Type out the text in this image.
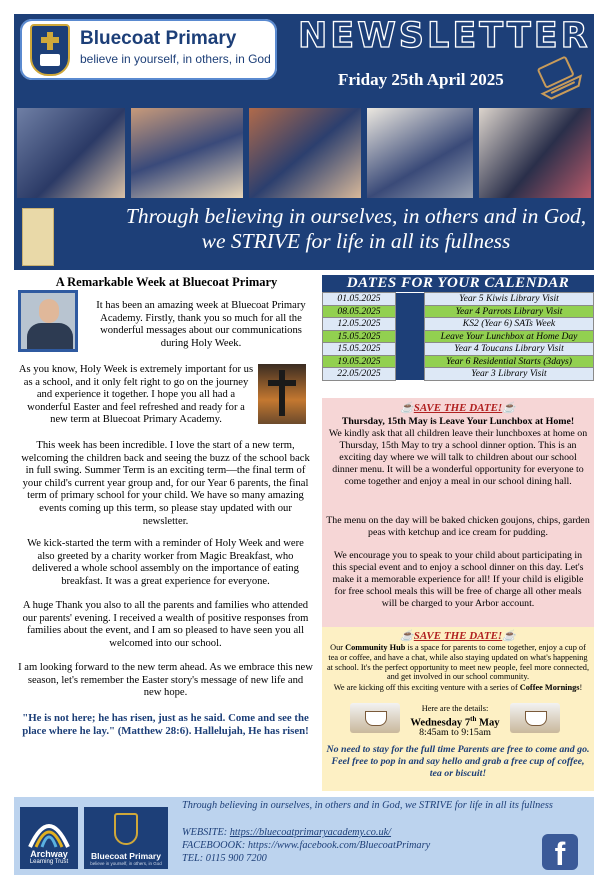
Bluecoat Primary
believe in yourself, in others, in God
NEWSLETTER
Friday 25th April 2025
Through believing in ourselves, in others and in God, we STRIVE for life in all its fullness
A Remarkable Week at Bluecoat Primary
It has been an amazing week at Bluecoat Primary Academy. Firstly, thank you so much for all the wonderful messages about our communications during Holy Week.
As you know, Holy Week is extremely important for us as a school, and it only felt right to go on the journey and experience it together. I hope you all had a wonderful Easter and feel refreshed and ready for a new term at Bluecoat Primary Academy.
This week has been incredible. I love the start of a new term, welcoming the children back and seeing the buzz of the school back in full swing. Summer Term is an exciting term—the final term of your child's current year group and, for our Year 6 parents, the final term of primary school for your child. We have so many amazing events coming up this term, so please stay updated with our newsletter.
We kick-started the term with a reminder of Holy Week and were also greeted by a charity worker from Magic Breakfast, who delivered a whole school assembly on the importance of eating breakfast. It was a great experience for everyone.
A huge Thank you also to all the parents and families who attended our parents' evening. I received a wealth of positive responses from families about the event, and I am so pleased to have seen you all welcomed into our school.
I am looking forward to the new term ahead. As we embrace this new season, let's remember the Easter story's message of new life and new hope.
"He is not here; he has risen, just as he said. Come and see the place where he lay." (Matthew 28:6). Hallelujah, He has risen!
DATES FOR YOUR CALENDAR
01.05.2025		Year 5 Kiwis Library Visit
08.05.2025		Year 4 Parrots Library Visit
12.05.2025		KS2 (Year 6) SATs Week
15.05.2025		Leave Your Lunchbox at Home Day
15.05.2025		Year 4 Toucans Library Visit
19.05.2025		Year 6 Residential Starts (3days)
22.05/2025		Year 3 Library Visit
☕SAVE THE DATE!☕
Thursday, 15th May is Leave Your Lunchbox at Home!
We kindly ask that all children leave their lunchboxes at home on Thursday, 15th May to try a school dinner option. This is an exciting day where we will talk to children about our school dinner menu. It will be a wonderful opportunity for everyone to come together and enjoy a meal in our school dining hall.
The menu on the day will be baked chicken goujons, chips, garden peas with ketchup and ice cream for pudding.
We encourage you to speak to your child about participating in this special event and to enjoy a school dinner on this day. Let's make it a memorable experience for all! If your child is eligible for free school meals this will be free of charge all other meals will be charged to your Arbor account.
☕SAVE THE DATE!☕
Our Community Hub is a space for parents to come together, enjoy a cup of tea or coffee, and have a chat, while also staying updated on what's happening at school. It's the perfect opportunity to meet new people, feel more connected, and get involved in our school community.
We are kicking off this exciting venture with a series of Coffee Mornings!
Here are the details:
Wednesday 7th May
8:45am to 9:15am
No need to stay for the full time Parents are free to come and go. Feel free to pop in and say hello and grab a free cup of coffee, tea or biscuit!
Archway
Learning Trust
Bluecoat Primary
believe in yourself, in others, in God
Through believing in ourselves, in others and in God, we STRIVE for life in all its fullness
WEBSITE: https://bluecoatprimaryacademy.co.uk/
FACEBOOOK: https://www.facebook.com/BluecoatPrimary
TEL: 0115 900 7200	f
